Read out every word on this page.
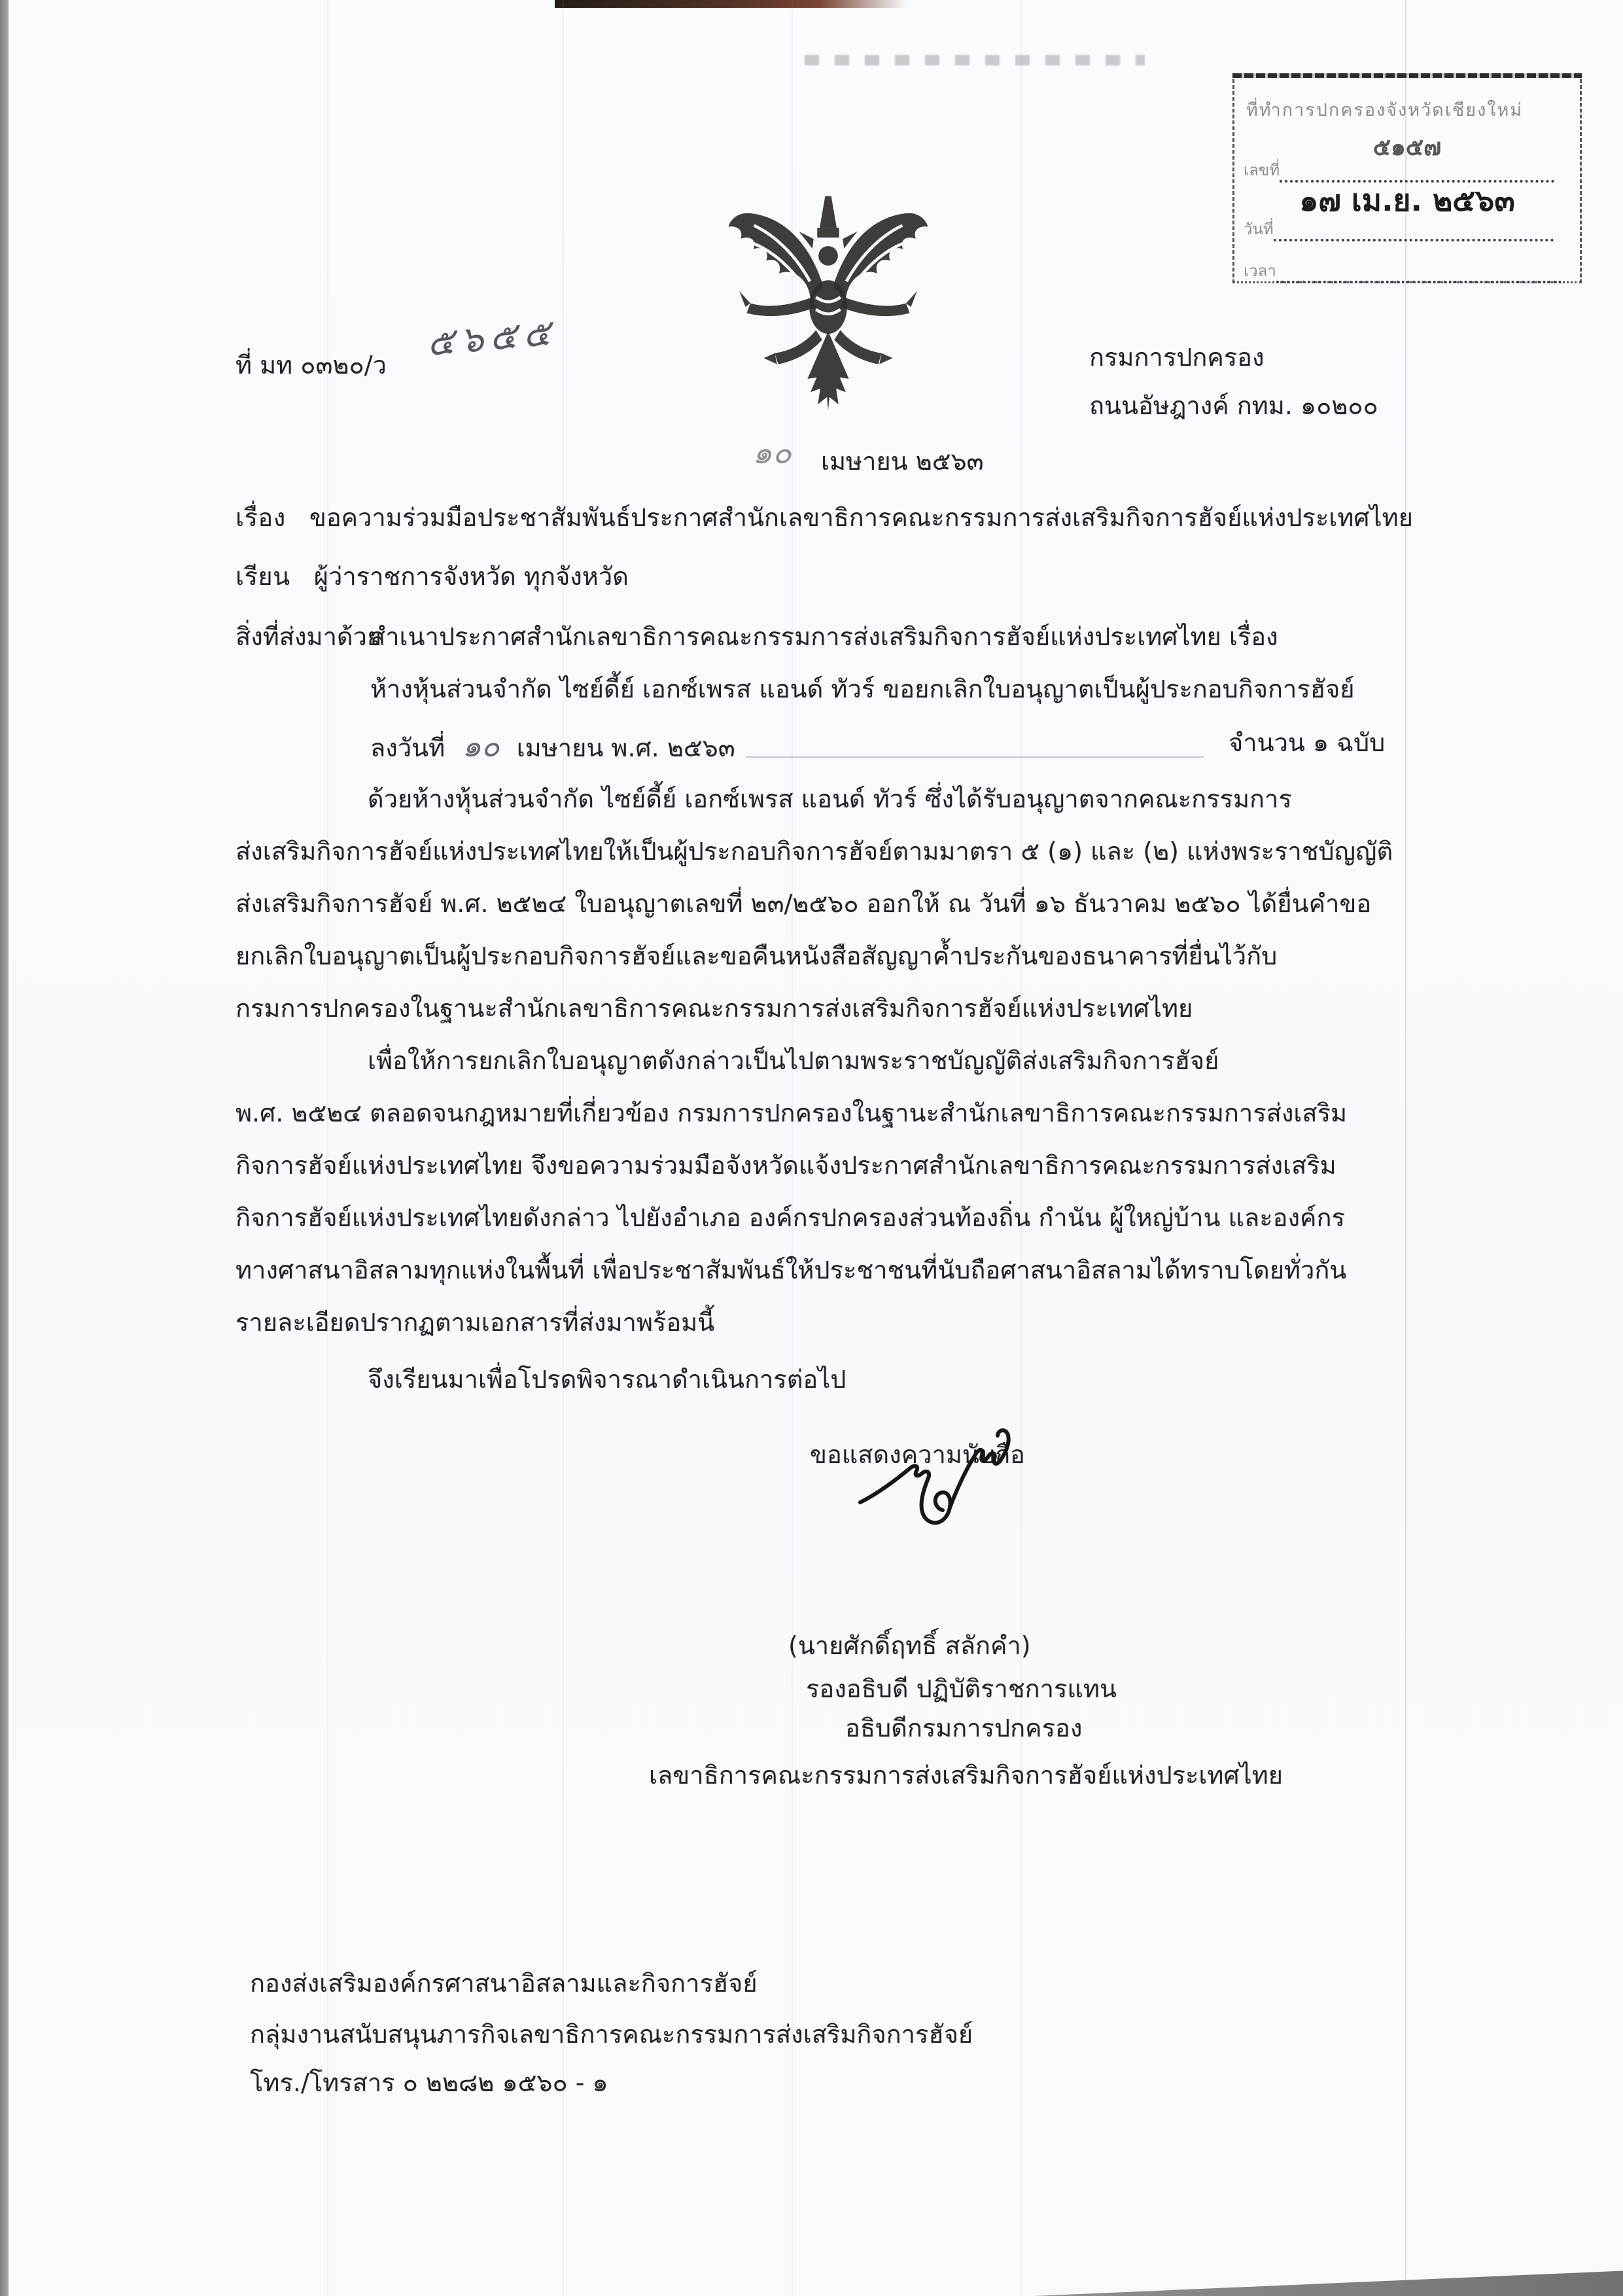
ที่ทำการปกครองจังหวัดเชียงใหม่
๕๑๕๗
เลขที่
๑๗ เม.ย. ๒๕๖๓
วันที่
เวลา
ที่ มท ๐๓๒๐/ว
๕๖๕๕	กรมการปกครอง
ถนนอัษฎางค์ กทม. ๑๐๒๐๐
๑๐ เมษายน ๒๕๖๓
เรื่อง ขอความร่วมมือประชาสัมพันธ์ประกาศสำนักเลขาธิการคณะกรรมการส่งเสริมกิจการฮัจย์แห่งประเทศไทย
เรียน ผู้ว่าราชการจังหวัด ทุกจังหวัด
สิ่งที่ส่งมาด้วย
สำเนาประกาศสำนักเลขาธิการคณะกรรมการส่งเสริมกิจการฮัจย์แห่งประเทศไทย เรื่อง
ห้างหุ้นส่วนจำกัด ไซย์ดี้ย์ เอกซ์เพรส แอนด์ ทัวร์ ขอยกเลิกใบอนุญาตเป็นผู้ประกอบกิจการฮัจย์
ลงวันที่ ๑๐ เมษายน พ.ศ. ๒๕๖๓	จำนวน ๑ ฉบับ
ด้วยห้างหุ้นส่วนจำกัด ไซย์ดี้ย์ เอกซ์เพรส แอนด์ ทัวร์ ซึ่งได้รับอนุญาตจากคณะกรรมการ
ส่งเสริมกิจการฮัจย์แห่งประเทศไทยให้เป็นผู้ประกอบกิจการฮัจย์ตามมาตรา ๕ (๑) และ (๒) แห่งพระราชบัญญัติ
ส่งเสริมกิจการฮัจย์ พ.ศ. ๒๕๒๔ ใบอนุญาตเลขที่ ๒๓/๒๕๖๐ ออกให้ ณ วันที่ ๑๖ ธันวาคม ๒๕๖๐ ได้ยื่นคำขอ
ยกเลิกใบอนุญาตเป็นผู้ประกอบกิจการฮัจย์และขอคืนหนังสือสัญญาค้ำประกันของธนาคารที่ยื่นไว้กับ
กรมการปกครองในฐานะสำนักเลขาธิการคณะกรรมการส่งเสริมกิจการฮัจย์แห่งประเทศไทย
เพื่อให้การยกเลิกใบอนุญาตดังกล่าวเป็นไปตามพระราชบัญญัติส่งเสริมกิจการฮัจย์
พ.ศ. ๒๕๒๔ ตลอดจนกฎหมายที่เกี่ยวข้อง กรมการปกครองในฐานะสำนักเลขาธิการคณะกรรมการส่งเสริม
กิจการฮัจย์แห่งประเทศไทย จึงขอความร่วมมือจังหวัดแจ้งประกาศสำนักเลขาธิการคณะกรรมการส่งเสริม
กิจการฮัจย์แห่งประเทศไทยดังกล่าว ไปยังอำเภอ องค์กรปกครองส่วนท้องถิ่น กำนัน ผู้ใหญ่บ้าน และองค์กร
ทางศาสนาอิสลามทุกแห่งในพื้นที่ เพื่อประชาสัมพันธ์ให้ประชาชนที่นับถือศาสนาอิสลามได้ทราบโดยทั่วกัน
รายละเอียดปรากฏตามเอกสารที่ส่งมาพร้อมนี้
จึงเรียนมาเพื่อโปรดพิจารณาดำเนินการต่อไป
ขอแสดงความนับถือ
(นายศักดิ์ฤทธิ์ สลักคำ)
รองอธิบดี ปฏิบัติราชการแทน
อธิบดีกรมการปกครอง
เลขาธิการคณะกรรมการส่งเสริมกิจการฮัจย์แห่งประเทศไทย
กองส่งเสริมองค์กรศาสนาอิสลามและกิจการฮัจย์
กลุ่มงานสนับสนุนภารกิจเลขาธิการคณะกรรมการส่งเสริมกิจการฮัจย์
โทร./โทรสาร ๐ ๒๒๘๒ ๑๕๖๐ - ๑
